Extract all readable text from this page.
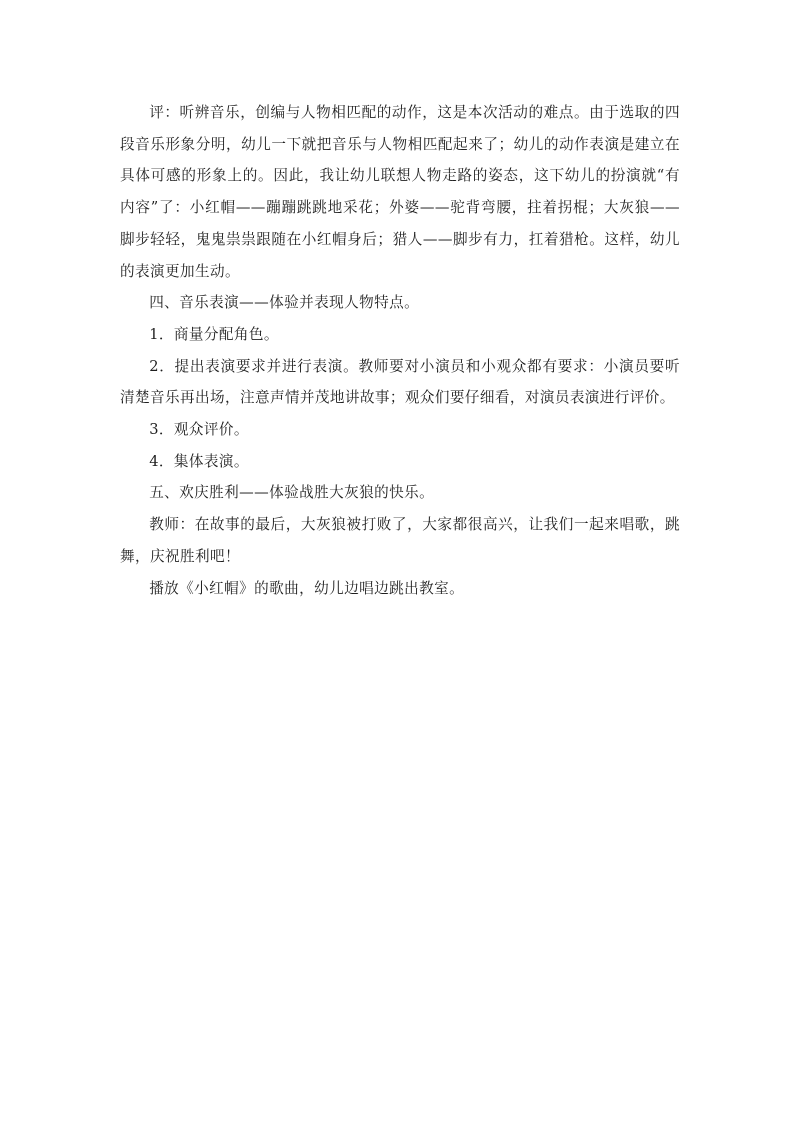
评：听辨音乐，创编与人物相匹配的动作，这是本次活动的难点。由于选取的四段音乐形象分明，幼儿一下就把音乐与人物相匹配起来了；幼儿的动作表演是建立在具体可感的形象上的。因此，我让幼儿联想人物走路的姿态，这下幼儿的扮演就“有内容”了：小红帽——蹦蹦跳跳地采花；外婆——驼背弯腰，拄着拐棍；大灰狼——脚步轻轻，鬼鬼祟祟跟随在小红帽身后；猎人——脚步有力，扛着猎枪。这样，幼儿的表演更加生动。

四、音乐表演——体验并表现人物特点。

1．商量分配角色。

2．提出表演要求并进行表演。教师要对小演员和小观众都有要求：小演员要听清楚音乐再出场，注意声情并茂地讲故事；观众们要仔细看，对演员表演进行评价。

3．观众评价。

4．集体表演。

五、欢庆胜利——体验战胜大灰狼的快乐。

教师：在故事的最后，大灰狼被打败了，大家都很高兴，让我们一起来唱歌，跳舞，庆祝胜利吧！

播放《小红帽》的歌曲，幼儿边唱边跳出教室。
